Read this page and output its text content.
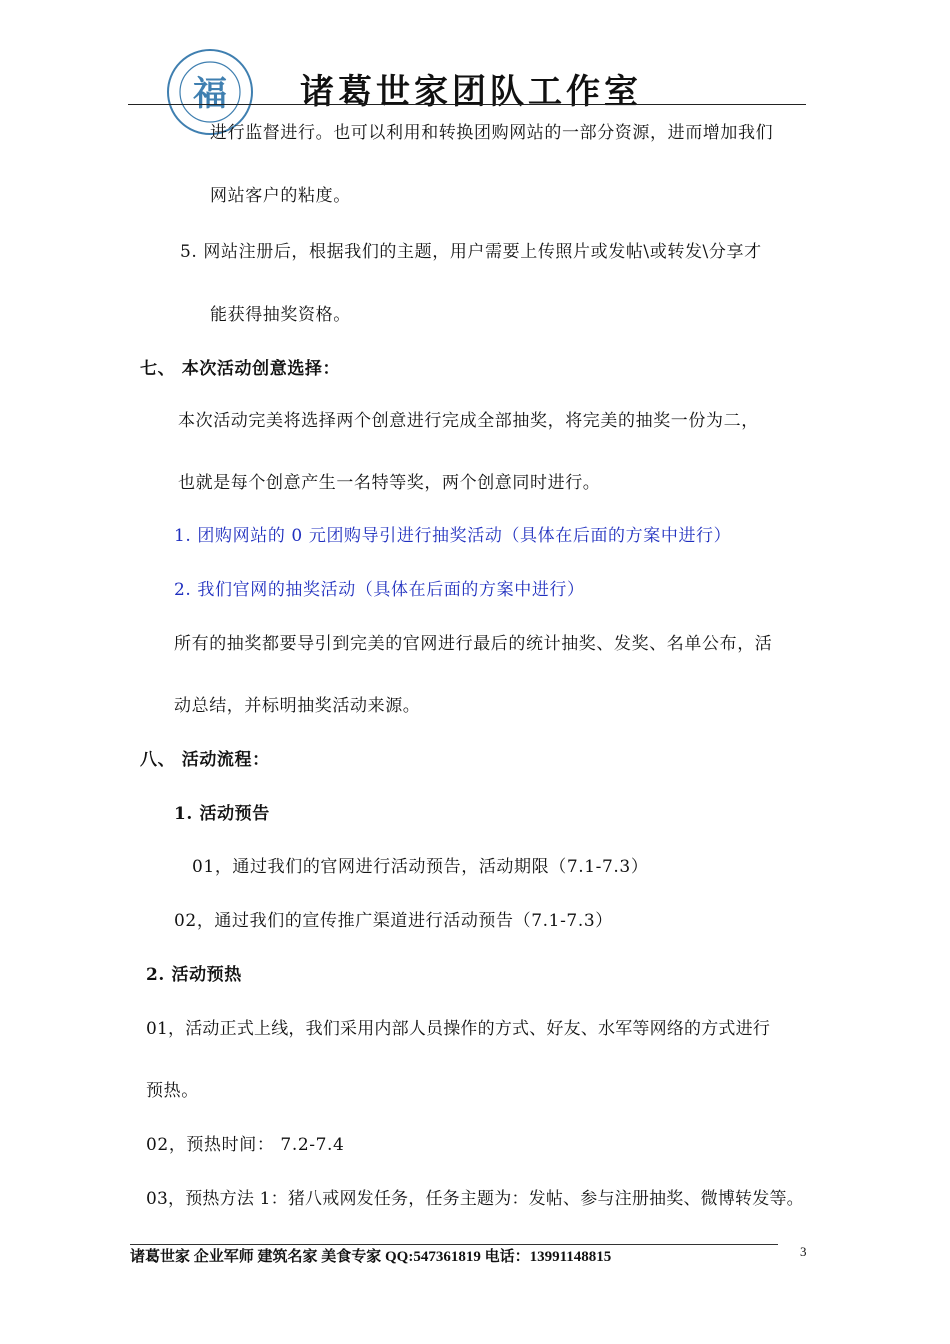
福 诸葛世家团队工作室
进行监督进行。也可以利用和转换团购网站的一部分资源，进而增加我们
网站客户的粘度。
5. 网站注册后，根据我们的主题，用户需要上传照片或发帖\或转发\分享才
能获得抽奖资格。
七、 本次活动创意选择：
本次活动完美将选择两个创意进行完成全部抽奖，将完美的抽奖一份为二，
也就是每个创意产生一名特等奖，两个创意同时进行。
1. 团购网站的 0 元团购导引进行抽奖活动（具体在后面的方案中进行）
2. 我们官网的抽奖活动（具体在后面的方案中进行）
所有的抽奖都要导引到完美的官网进行最后的统计抽奖、发奖、名单公布，活
动总结，并标明抽奖活动来源。
八、 活动流程：
1. 活动预告
01，通过我们的官网进行活动预告，活动期限（7.1-7.3）
02，通过我们的宣传推广渠道进行活动预告（7.1-7.3）
2. 活动预热
01，活动正式上线，我们采用内部人员操作的方式、好友、水军等网络的方式进行
预热。
02，预热时间： 7.2-7.4
03，预热方法 1：猪八戒网发任务，任务主题为：发帖、参与注册抽奖、微博转发等。
诸葛世家 企业军师 建筑名家 美食专家 QQ:547361819 电话：13991148815	3
